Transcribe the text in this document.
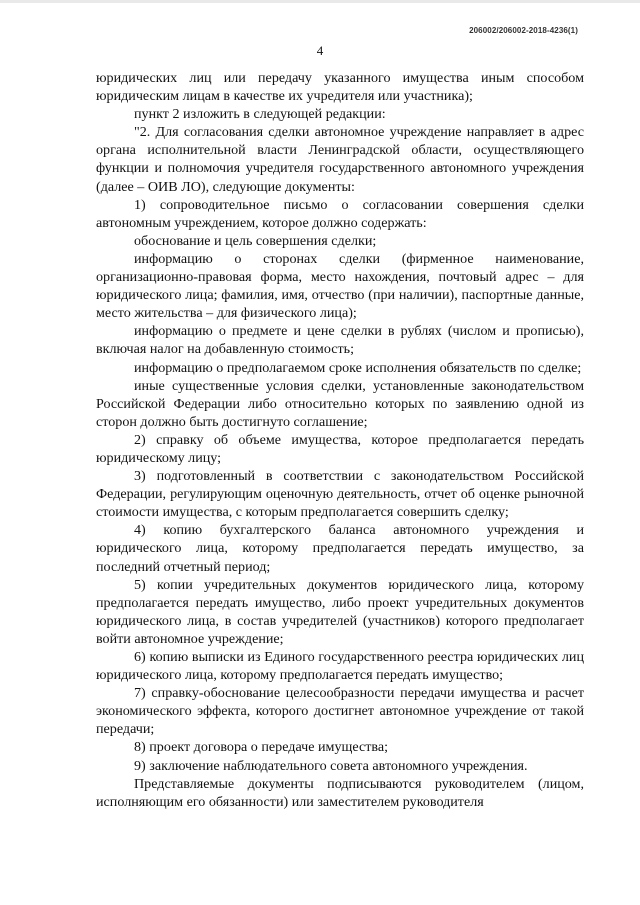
206002/206002-2018-4236(1)
4

юридических лиц или передачу указанного имущества иным способом юридическим лицам в качестве их учредителя или участника);

пункт 2 изложить в следующей редакции:

"2. Для согласования сделки автономное учреждение направляет в адрес органа исполнительной власти Ленинградской области, осуществляющего функции и полномочия учредителя государственного автономного учреждения (далее – ОИВ ЛО), следующие документы:

1) сопроводительное письмо о согласовании совершения сделки автономным учреждением, которое должно содержать:

обоснование и цель совершения сделки;

информацию о сторонах сделки (фирменное наименование, организационно-правовая форма, место нахождения, почтовый адрес – для юридического лица; фамилия, имя, отчество (при наличии), паспортные данные, место жительства – для физического лица);

информацию о предмете и цене сделки в рублях (числом и прописью), включая налог на добавленную стоимость;

информацию о предполагаемом сроке исполнения обязательств по сделке;

иные существенные условия сделки, установленные законодательством Российской Федерации либо относительно которых по заявлению одной из сторон должно быть достигнуто соглашение;

2) справку об объеме имущества, которое предполагается передать юридическому лицу;

3) подготовленный в соответствии с законодательством Российской Федерации, регулирующим оценочную деятельность, отчет об оценке рыночной стоимости имущества, с которым предполагается совершить сделку;

4) копию бухгалтерского баланса автономного учреждения и юридического лица, которому предполагается передать имущество, за последний отчетный период;

5) копии учредительных документов юридического лица, которому предполагается передать имущество, либо проект учредительных документов юридического лица, в состав учредителей (участников) которого предполагает войти автономное учреждение;

6) копию выписки из Единого государственного реестра юридических лиц юридического лица, которому предполагается передать имущество;

7) справку-обоснование целесообразности передачи имущества и расчет экономического эффекта, которого достигнет автономное учреждение от такой передачи;

8) проект договора о передаче имущества;

9) заключение наблюдательного совета автономного учреждения.

Представляемые документы подписываются руководителем (лицом, исполняющим его обязанности) или заместителем руководителя
